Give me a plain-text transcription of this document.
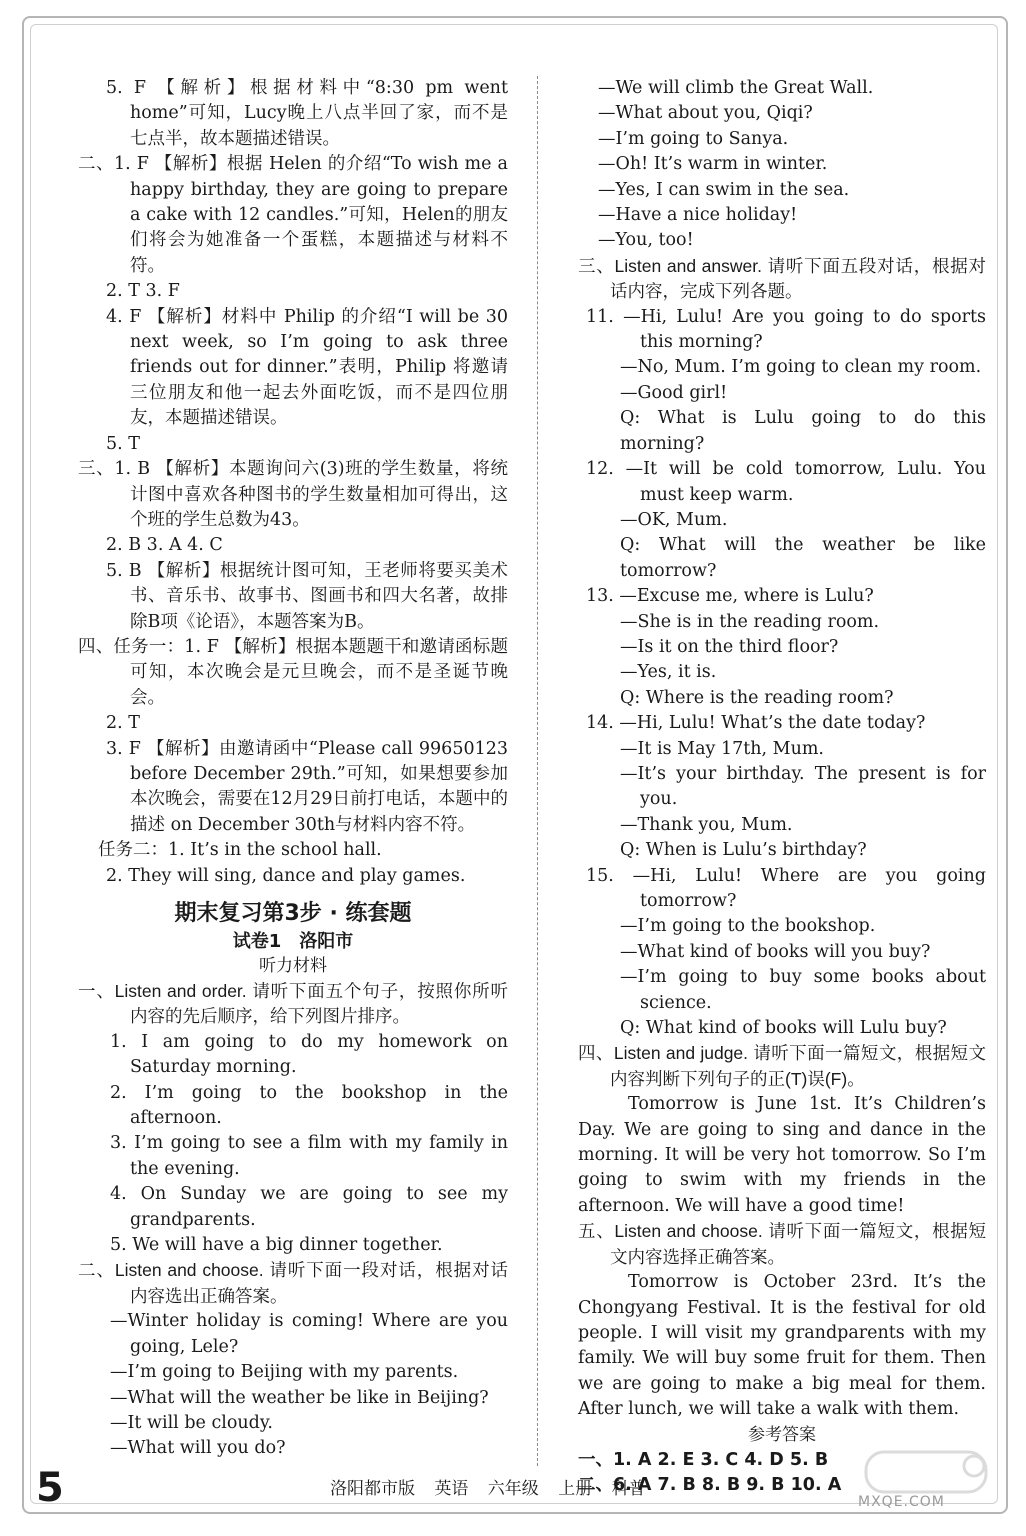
5. F 【解析】根据材料中“8:30 pm went home”可知，Lucy晚上八点半回了家，而不是七点半，故本题描述错误。

二、1. F 【解析】根据 Helen 的介绍“To wish me a happy birthday, they are going to prepare a cake with 12 candles.”可知，Helen的朋友们将会为她准备一个蛋糕，本题描述与材料不符。

2. T 3. F

4. F 【解析】材料中 Philip 的介绍“I will be 30 next week, so I’m going to ask three friends out for dinner.”表明，Philip 将邀请三位朋友和他一起去外面吃饭，而不是四位朋友，本题描述错误。

5. T

三、1. B 【解析】本题询问六(3)班的学生数量，将统计图中喜欢各种图书的学生数量相加可得出，这个班的学生总数为43。

2. B 3. A 4. C

5. B 【解析】根据统计图可知，王老师将要买美术书、音乐书、故事书、图画书和四大名著，故排除B项《论语》，本题答案为B。

四、任务一：1. F 【解析】根据本题题干和邀请函标题可知，本次晚会是元旦晚会，而不是圣诞节晚会。

2. T

3. F 【解析】由邀请函中“Please call 99650123 before December 29th.”可知，如果想要参加本次晚会，需要在12月29日前打电话，本题中的描述 on December 30th与材料内容不符。

任务二：1. It’s in the school hall.

2. They will sing, dance and play games.

期末复习第3步 · 练套题
试卷1　洛阳市
听力材料

一、Listen and order. 请听下面五个句子，按照你所听内容的先后顺序，给下列图片排序。

1. I am going to do my homework on Saturday morning.

2. I’m going to the bookshop in the afternoon.

3. I’m going to see a film with my family in the evening.

4. On Sunday we are going to see my grandparents.

5. We will have a big dinner together.

二、Listen and choose. 请听下面一段对话，根据对话内容选出正确答案。

—Winter holiday is coming! Where are you going, Lele?

—I’m going to Beijing with my parents.

—What will the weather be like in Beijing?

—It will be cloudy.

—What will you do?

—We will climb the Great Wall.

—What about you, Qiqi?

—I’m going to Sanya.

—Oh! It’s warm in winter.

—Yes, I can swim in the sea.

—Have a nice holiday!

—You, too!

三、Listen and answer. 请听下面五段对话，根据对话内容，完成下列各题。

11. —Hi, Lulu! Are you going to do sports this morning?

—No, Mum. I’m going to clean my room.

—Good girl!

Q: What is Lulu going to do this morning?

12. —It will be cold tomorrow, Lulu. You must keep warm.

—OK, Mum.

Q: What will the weather be like tomorrow?

13. —Excuse me, where is Lulu?

—She is in the reading room.

—Is it on the third floor?

—Yes, it is.

Q: Where is the reading room?

14. —Hi, Lulu! What’s the date today?

—It is May 17th, Mum.

—It’s your birthday. The present is for you.

—Thank you, Mum.

Q: When is Lulu’s birthday?

15. —Hi, Lulu! Where are you going tomorrow?

—I’m going to the bookshop.

—What kind of books will you buy?

—I’m going to buy some books about science.

Q: What kind of books will Lulu buy?

四、Listen and judge. 请听下面一篇短文，根据短文内容判断下列句子的正(T)误(F)。

Tomorrow is June 1st. It’s Children’s Day. We are going to sing and dance in the morning. It will be very hot tomorrow. So I’m going to swim with my friends in the afternoon. We will have a good time!

五、Listen and choose. 请听下面一篇短文，根据短文内容选择正确答案。

Tomorrow is October 23rd. It’s the Chongyang Festival. It is the festival for old people. I will visit my grandparents with my family. We will buy some fruit for them. Then we are going to make a big meal for them. After lunch, we will take a walk with them.

参考答案

一、1. A 2. E 3. C 4. D 5. B

二、6. A 7. B 8. B 9. B 10. A

5	洛阳都市版 英语 六年级 上册 科普
MXQE.COM
